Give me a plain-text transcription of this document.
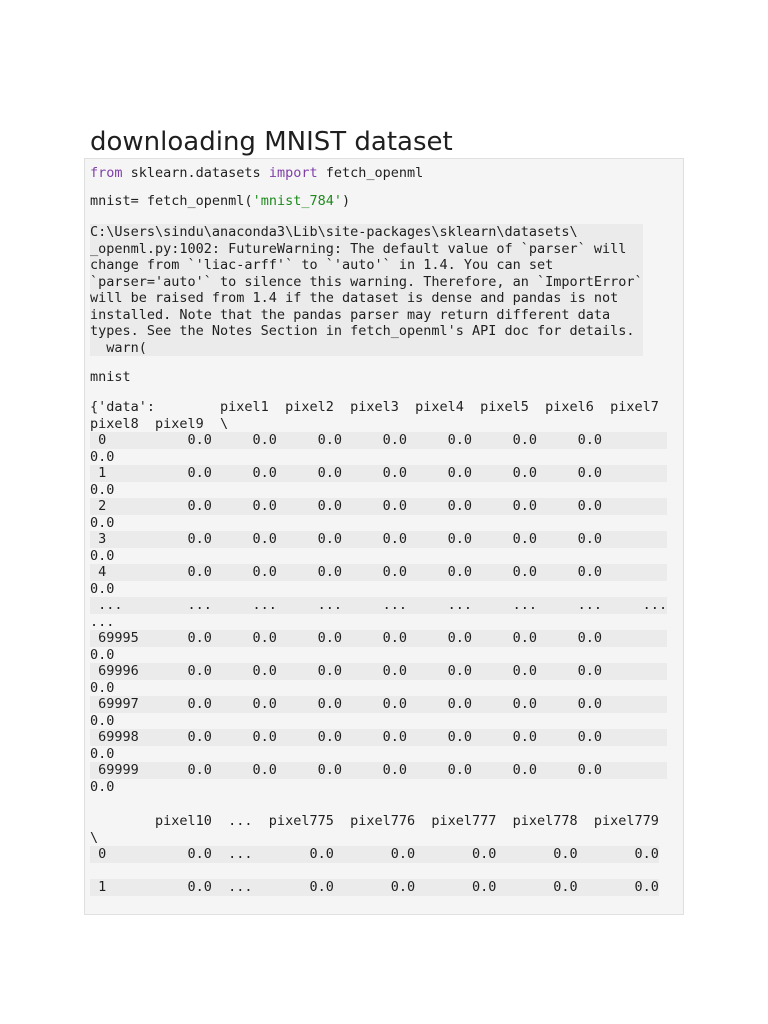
downloading MNIST dataset
from sklearn.datasets import fetch_openml
mnist= fetch_openml('mnist_784')
C:\Users\sindu\anaconda3\Lib\site-packages\sklearn\datasets\
_openml.py:1002: FutureWarning: The default value of `parser` will
change from `'liac-arff'` to `'auto'` in 1.4. You can set
`parser='auto'` to silence this warning. Therefore, an `ImportError`
will be raised from 1.4 if the dataset is dense and pandas is not
installed. Note that the pandas parser may return different data
types. See the Notes Section in fetch_openml's API doc for details.
warn(
mnist
{'data':        pixel1  pixel2  pixel3  pixel4  pixel5  pixel6  pixel7
pixel8  pixel9  \
0          0.0     0.0     0.0     0.0     0.0     0.0     0.0
0.0
1          0.0     0.0     0.0     0.0     0.0     0.0     0.0
0.0
2          0.0     0.0     0.0     0.0     0.0     0.0     0.0
0.0
3          0.0     0.0     0.0     0.0     0.0     0.0     0.0
0.0
4          0.0     0.0     0.0     0.0     0.0     0.0     0.0
0.0
...        ...     ...     ...     ...     ...     ...     ...     ...
...
69995      0.0     0.0     0.0     0.0     0.0     0.0     0.0
0.0
69996      0.0     0.0     0.0     0.0     0.0     0.0     0.0
0.0
69997      0.0     0.0     0.0     0.0     0.0     0.0     0.0
0.0
69998      0.0     0.0     0.0     0.0     0.0     0.0     0.0
0.0
69999      0.0     0.0     0.0     0.0     0.0     0.0     0.0
0.0
pixel10  ...  pixel775  pixel776  pixel777  pixel778  pixel779
\
0          0.0  ...       0.0       0.0       0.0       0.0       0.0

1          0.0  ...       0.0       0.0       0.0       0.0       0.0
